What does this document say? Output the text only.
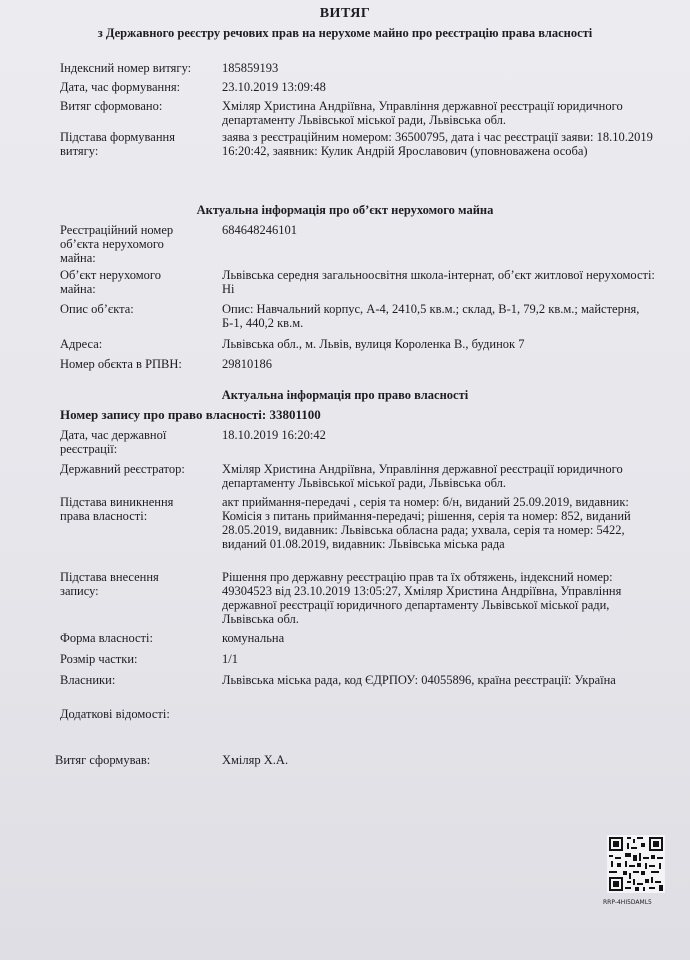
ВИТЯГ
з Державного реєстру речових прав на нерухоме майно про реєстрацію права власності
Індексний номер витягу:	185859193
Дата, час формування:	23.10.2019 13:09:48
Витяг сформовано:	Хміляр Христина Андріївна, Управління державної реєстрації юридичного департаменту Львівської міської ради, Львівська обл.
Підстава формування витягу:
заява з реєстраційним номером: 36500795, дата і час реєстрації заяви: 18.10.2019 16:20:42, заявник: Кулик Андрій Ярославович (уповноважена особа)
Актуальна інформація про об’єкт нерухомого майна
Реєстраційний номер об’єкта нерухомого майна:
684648246101
Об’єкт нерухомого майна:
Львівська середня загальноосвітня школа-інтернат, об’єкт житлової нерухомості: Ні
Опис об’єкта:	Опис: Навчальний корпус, А-4, 2410,5 кв.м.; склад, В-1, 79,2 кв.м.; майстерня, Б-1, 440,2 кв.м.
Адреса:	Львівська обл., м. Львів, вулиця Короленка В., будинок 7
Номер обєкта в РПВН:	29810186
Актуальна інформація про право власності
Номер запису про право власності: 33801100
Дата, час державної реєстрації:
18.10.2019 16:20:42
Державний реєстратор:	Хміляр Христина Андріївна, Управління державної реєстрації юридичного департаменту Львівської міської ради, Львівська обл.
Підстава виникнення права власності:
акт приймання-передачі , серія та номер: б/н, виданий 25.09.2019, видавник: Комісія з питань приймання-передачі; рішення, серія та номер: 852, виданий 28.05.2019, видавник: Львівська обласна рада; ухвала, серія та номер: 5422, виданий 01.08.2019, видавник: Львівська міська рада
Підстава внесення запису:
Рішення про державну реєстрацію прав та їх обтяжень, індексний номер: 49304523 від 23.10.2019 13:05:27, Хміляр Христина Андріївна, Управління державної реєстрації юридичного департаменту Львівської міської ради, Львівська обл.
Форма власності:	комунальна
Розмір частки:	1/1
Власники:	Львівська міська рада, код ЄДРПОУ: 04055896, країна реєстрації: Україна
Додаткові відомості:
Витяг сформував:	Хміляр Х.А.
RRP-4HI5DAML5
